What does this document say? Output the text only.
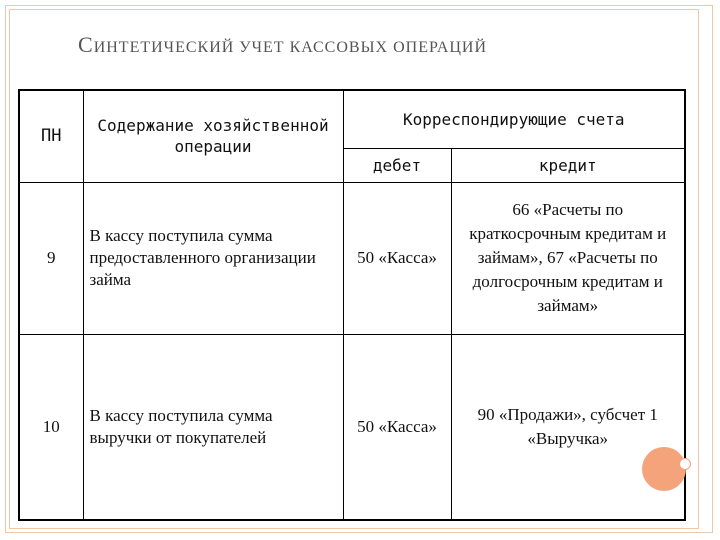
СИНТЕТИЧЕСКИЙ УЧЕТ КАССОВЫХ ОПЕРАЦИЙ
ПН	Содержание хозяйственной операции	Корреспондирующие счета	
		дебет	кредит
9	В кассу поступила сумма предоставленного организации займа	50 «Касса»	66 «Расчеты по краткосрочным кредитам и займам», 67 «Расчеты по долгосрочным кредитам и займам»
10	В кассу поступила сумма выручки от покупателей	50 «Касса»	90 «Продажи», субсчет 1 «Выручка»
